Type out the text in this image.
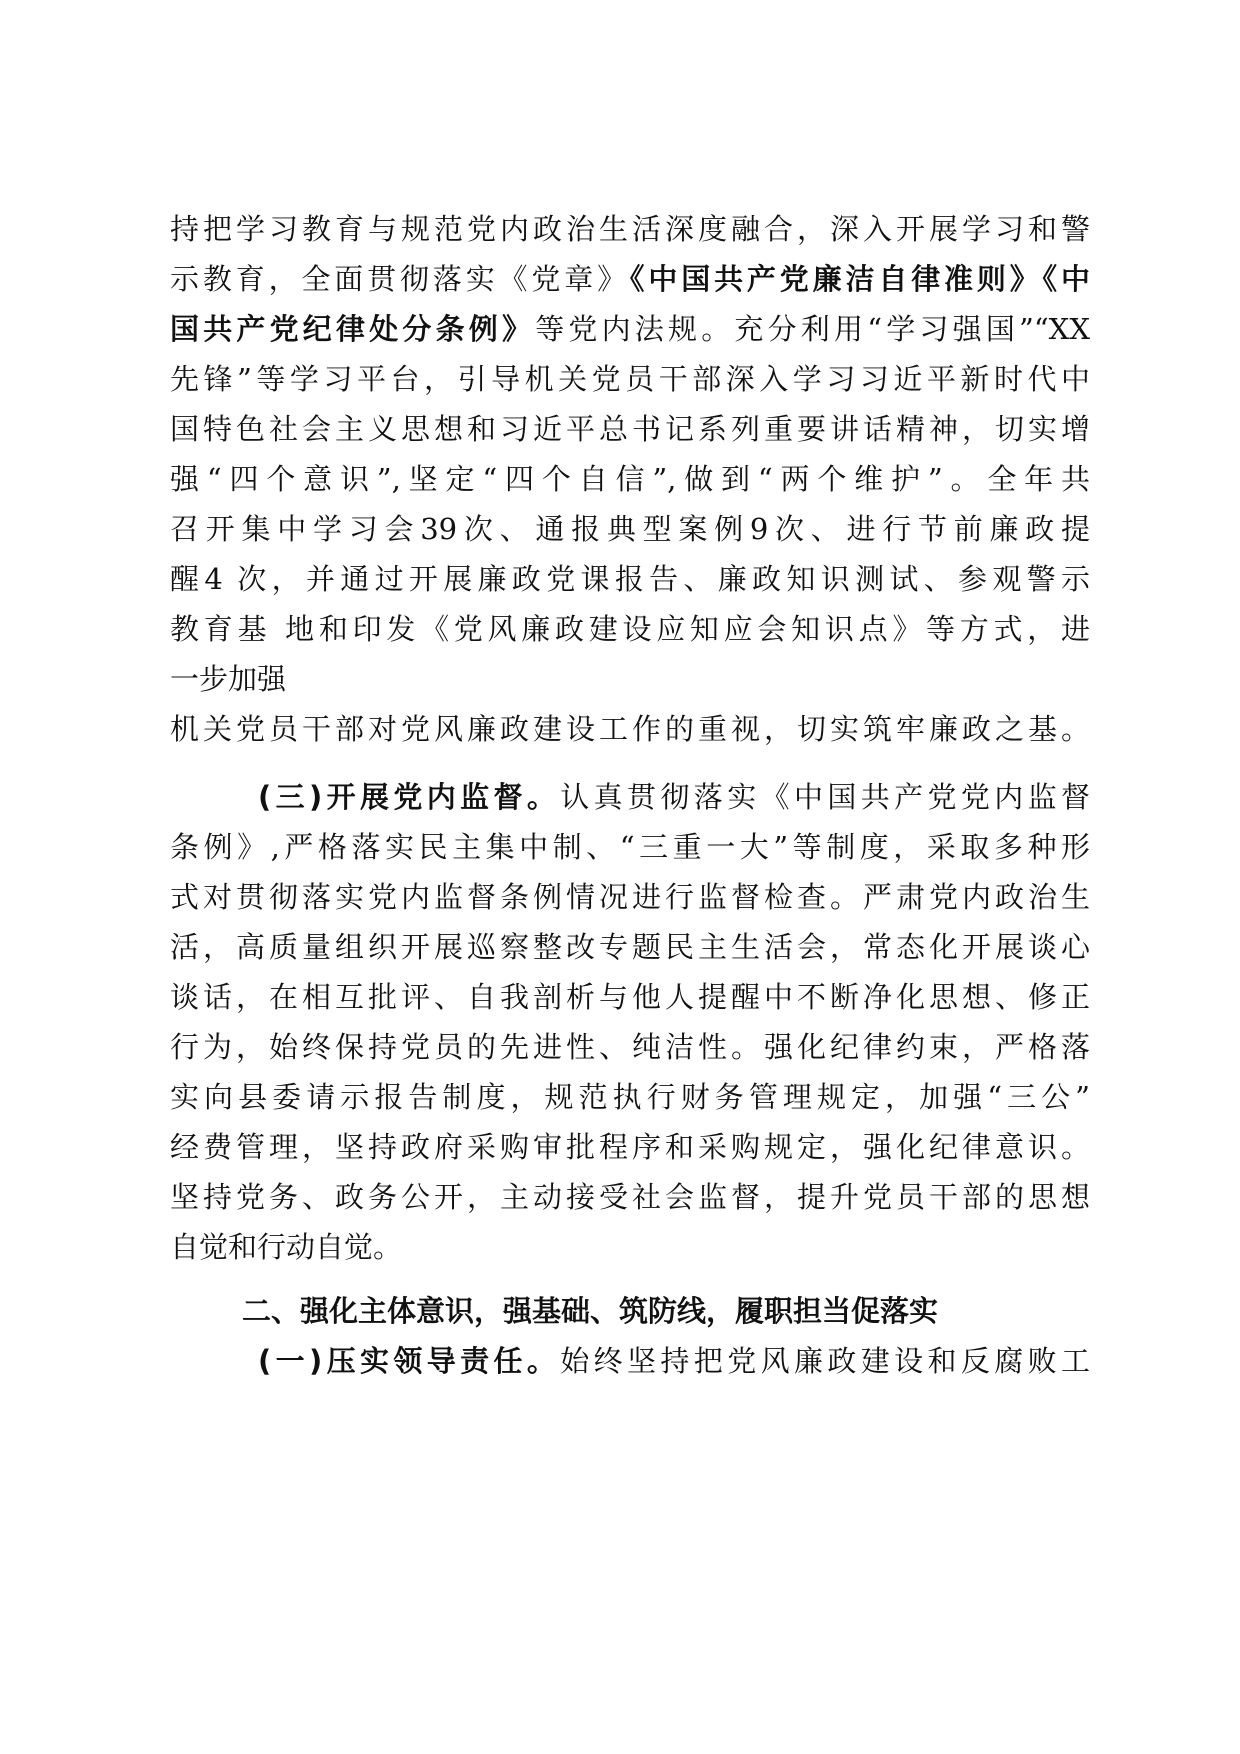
持把学习教育与规范党内政治生活深度融合，深入开展学习和警
示教育，全面贯彻落实《党章》《中国共产党廉洁自律准则》《中
国共产党纪律处分条例》等党内法规。充分利用“学习强国”“XX
先锋”等学习平台，引导机关党员干部深入学习习近平新时代中
国特色社会主义思想和习近平总书记系列重要讲话精神，切实增
强“四个意识”,坚定“四个自信”,做到“两个维护”。全年共
召开集中学习会39次、通报典型案例9次、进行节前廉政提
醒4 次，并通过开展廉政党课报告、廉政知识测试、参观警示
教育基 地和印发《党风廉政建设应知应会知识点》等方式，进
一步加强
机关党员干部对党风廉政建设工作的重视，切实筑牢廉政之基。
(三)开展党内监督。认真贯彻落实《中国共产党党内监督
条例》,严格落实民主集中制、“三重一大”等制度，采取多种形
式对贯彻落实党内监督条例情况进行监督检查。严肃党内政治生
活，高质量组织开展巡察整改专题民主生活会，常态化开展谈心
谈话，在相互批评、自我剖析与他人提醒中不断净化思想、修正
行为，始终保持党员的先进性、纯洁性。强化纪律约束，严格落
实向县委请示报告制度，规范执行财务管理规定，加强“三公”
经费管理，坚持政府采购审批程序和采购规定，强化纪律意识。
坚持党务、政务公开，主动接受社会监督，提升党员干部的思想
自觉和行动自觉。
二、强化主体意识，强基础、筑防线，履职担当促落实
(一)压实领导责任。始终坚持把党风廉政建设和反腐败工
